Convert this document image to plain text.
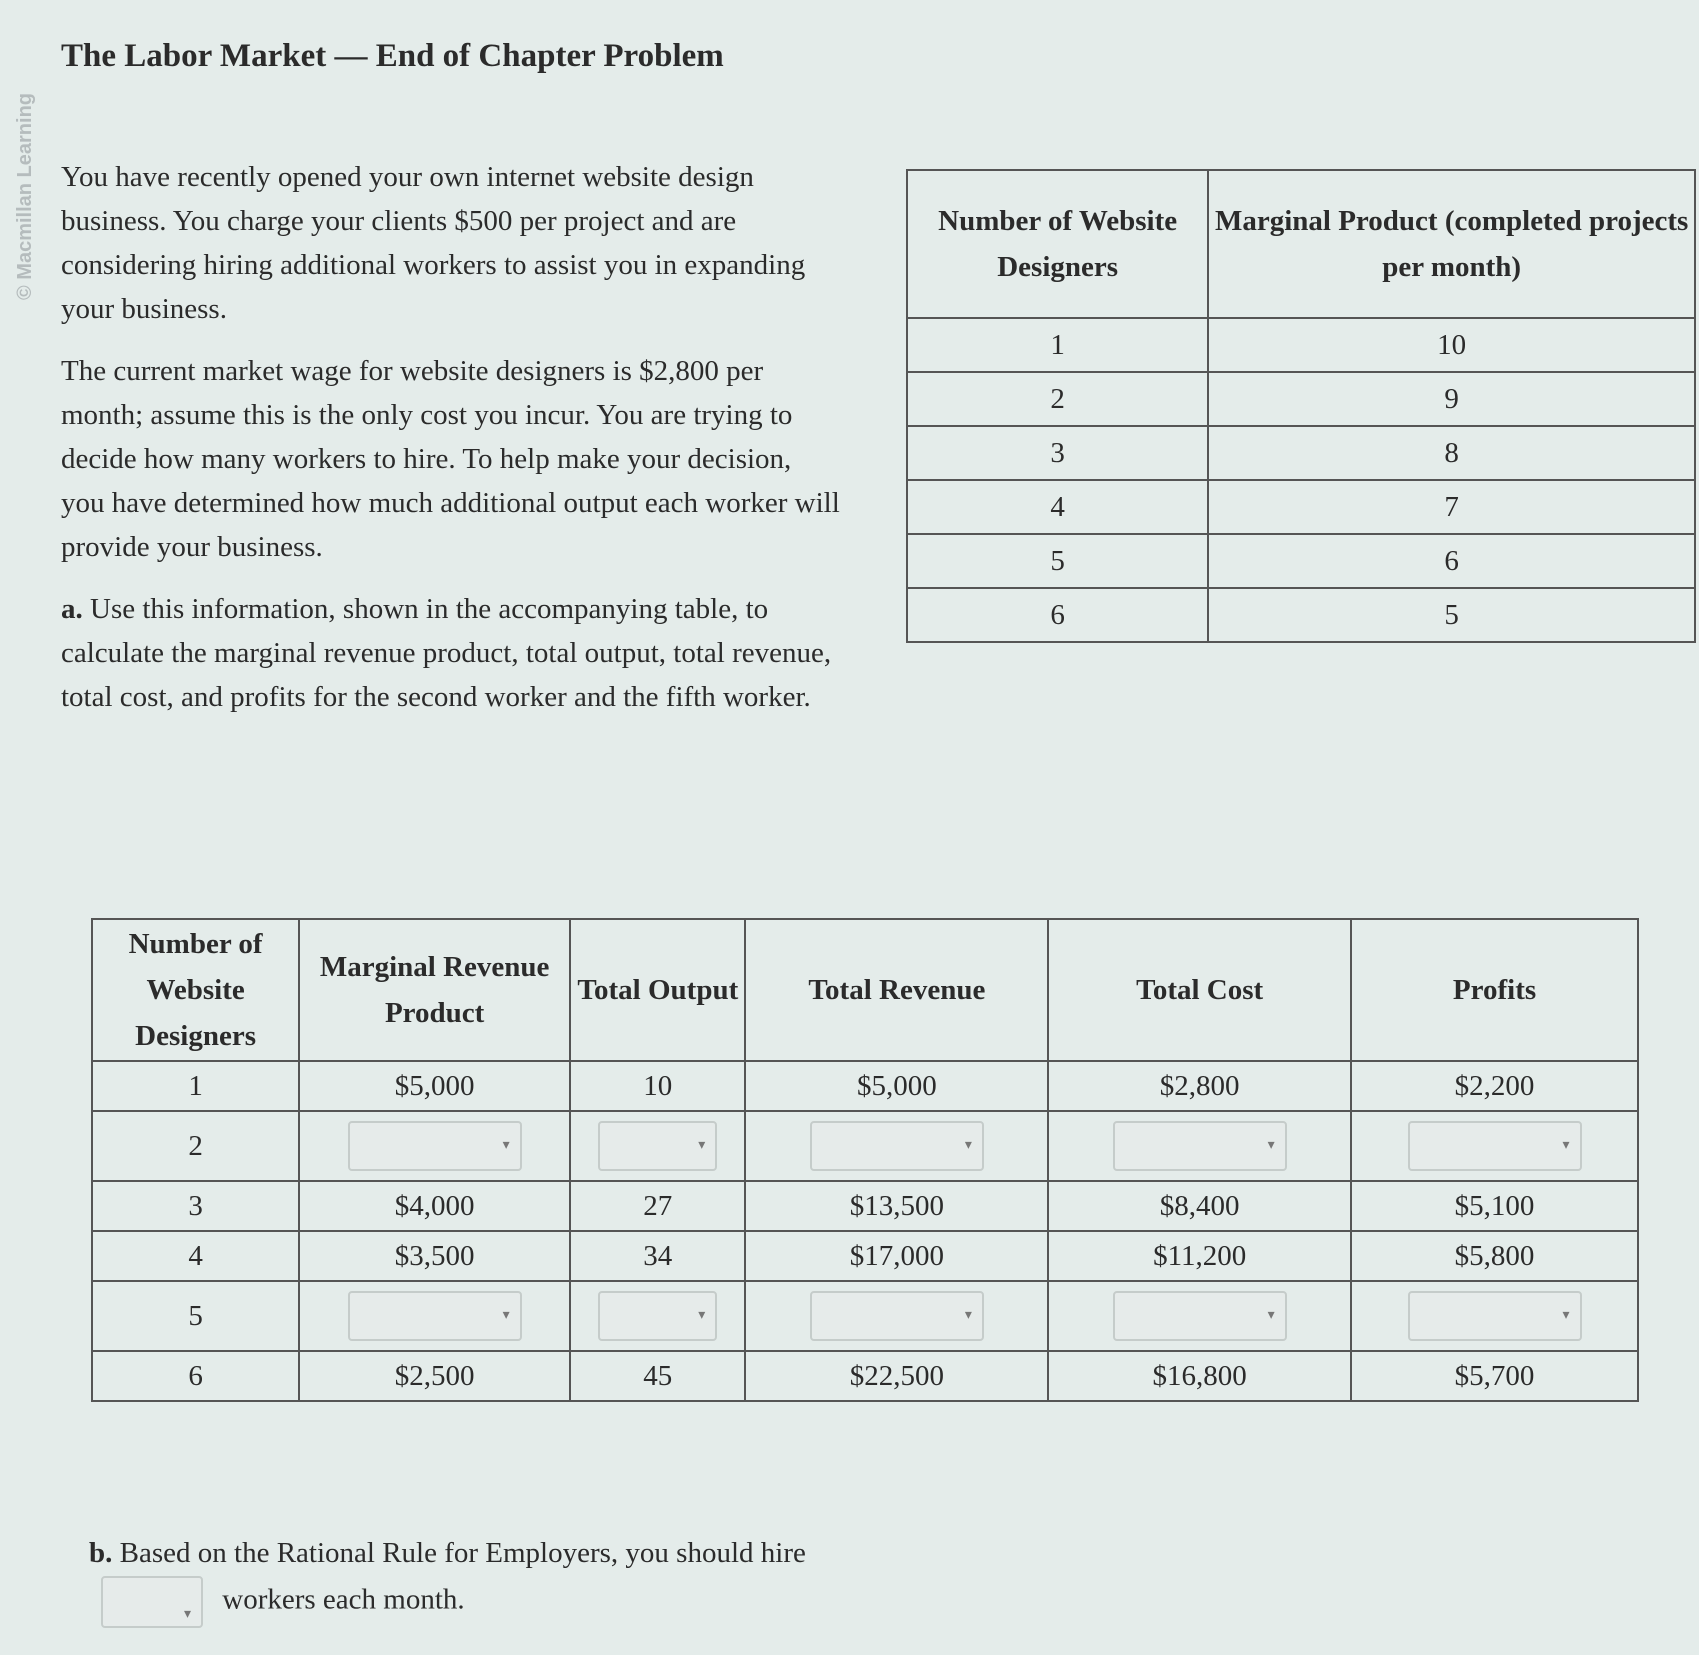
© Macmillan Learning
The Labor Market — End of Chapter Problem

You have recently opened your own internet website design business. You charge your clients $500 per project and are considering hiring additional workers to assist you in expanding your business.

The current market wage for website designers is $2,800 per month; assume this is the only cost you incur. You are trying to decide how many workers to hire. To help make your decision, you have determined how much additional output each worker will provide your business.

a. Use this information, shown in the accompanying table, to calculate the marginal revenue product, total output, total revenue, total cost, and profits for the second worker and the fifth worker.

Number of Website Designers	Marginal Product (completed projects per month)
1	10
2	9
3	8
4	7
5	6
6	5
Number of Website Designers	Marginal Revenue Product	Total Output	Total Revenue	Total Cost	Profits
1	$5,000	10	$5,000	$2,800	$2,200
2	▾	▾	▾	▾	▾

3	$4,000	27	$13,500	$8,400	$5,100
4	$3,500	34	$17,000	$11,200	$5,800
5	▾	▾	▾	▾	▾

6	$2,500	45	$22,500	$16,800	$5,700
b. Based on the Rational Rule for Employers, you should hire
▾ workers each month.
